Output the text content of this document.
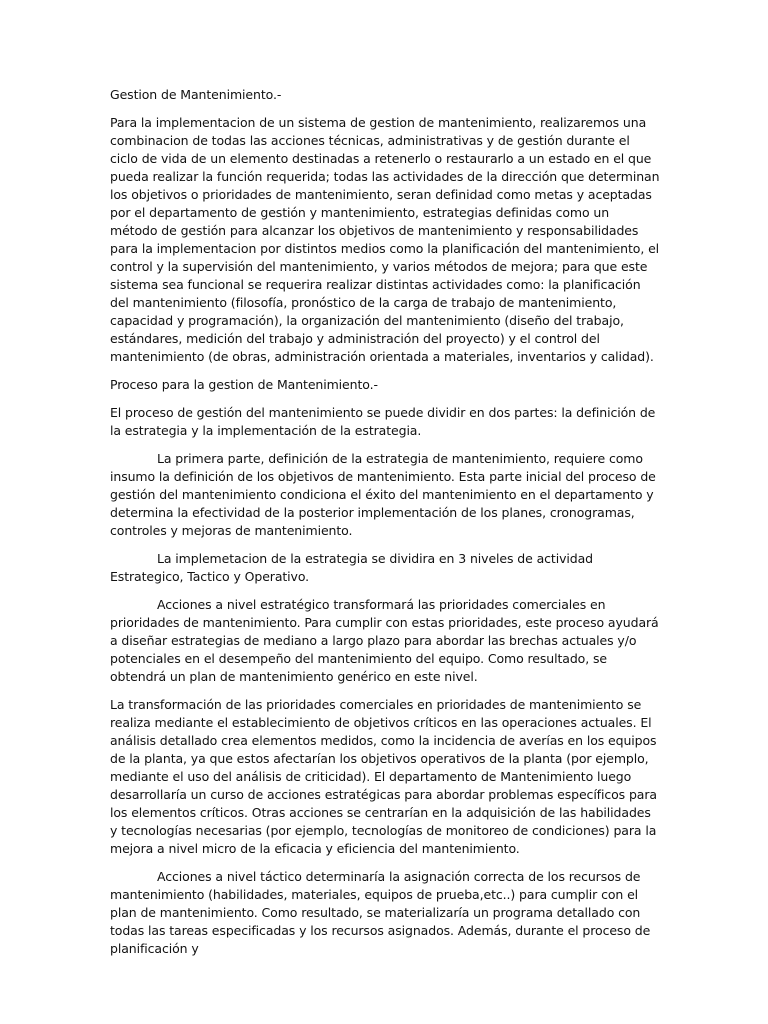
Gestion de Mantenimiento.-

Para la implementacion de un sistema de gestion de mantenimiento, realizaremos una combinacion de todas las acciones técnicas, administrativas y de gestión durante el ciclo de vida de un elemento destinadas a retenerlo o restaurarlo a un estado en el que pueda realizar la función requerida; todas las actividades de la dirección que determinan los objetivos o prioridades de mantenimiento, seran definidad como metas y aceptadas por el departamento de gestión y mantenimiento, estrategias definidas como un método de gestión para alcanzar los objetivos de mantenimiento y responsabilidades para la implementacion por distintos medios como la planificación del mantenimiento, el control y la supervisión del mantenimiento, y varios métodos de mejora; para que este sistema sea funcional se requerira realizar distintas actividades como: la planificación del mantenimiento (filosofía, pronóstico de la carga de trabajo de mantenimiento, capacidad y programación), la organización del mantenimiento (diseño del trabajo, estándares, medición del trabajo y administración del proyecto) y el control del mantenimiento (de obras, administración orientada a materiales, inventarios y calidad).

Proceso para la gestion de Mantenimiento.-

El proceso de gestión del mantenimiento se puede dividir en dos partes: la definición de la estrategia y la implementación de la estrategia.

La primera parte, definición de la estrategia de mantenimiento, requiere como insumo la definición de los objetivos de mantenimiento. Esta parte inicial del proceso de gestión del mantenimiento condiciona el éxito del mantenimiento en el departamento y determina la efectividad de la posterior implementación de los planes, cronogramas, controles y mejoras de mantenimiento.

La implemetacion de la estrategia se dividira en 3 niveles de actividad Estrategico, Tactico y Operativo.

Acciones a nivel estratégico transformará las prioridades comerciales en prioridades de mantenimiento. Para cumplir con estas prioridades, este proceso ayudará a diseñar estrategias de mediano a largo plazo para abordar las brechas actuales y/o potenciales en el desempeño del mantenimiento del equipo. Como resultado, se obtendrá un plan de mantenimiento genérico en este nivel.

La transformación de las prioridades comerciales en prioridades de mantenimiento se realiza mediante el establecimiento de objetivos críticos en las operaciones actuales. El análisis detallado crea elementos medidos, como la incidencia de averías en los equipos de la planta, ya que estos afectarían los objetivos operativos de la planta (por ejemplo, mediante el uso del análisis de criticidad). El departamento de Mantenimiento luego desarrollaría un curso de acciones estratégicas para abordar problemas específicos para los elementos críticos. Otras acciones se centrarían en la adquisición de las habilidades y tecnologías necesarias (por ejemplo, tecnologías de monitoreo de condiciones) para la mejora a nivel micro de la eficacia y eficiencia del mantenimiento.

Acciones a nivel táctico determinaría la asignación correcta de los recursos de mantenimiento (habilidades, materiales, equipos de prueba,etc..) para cumplir con el plan de mantenimiento. Como resultado, se materializaría un programa detallado con todas las tareas especificadas y los recursos asignados. Además, durante el proceso de planificación y
